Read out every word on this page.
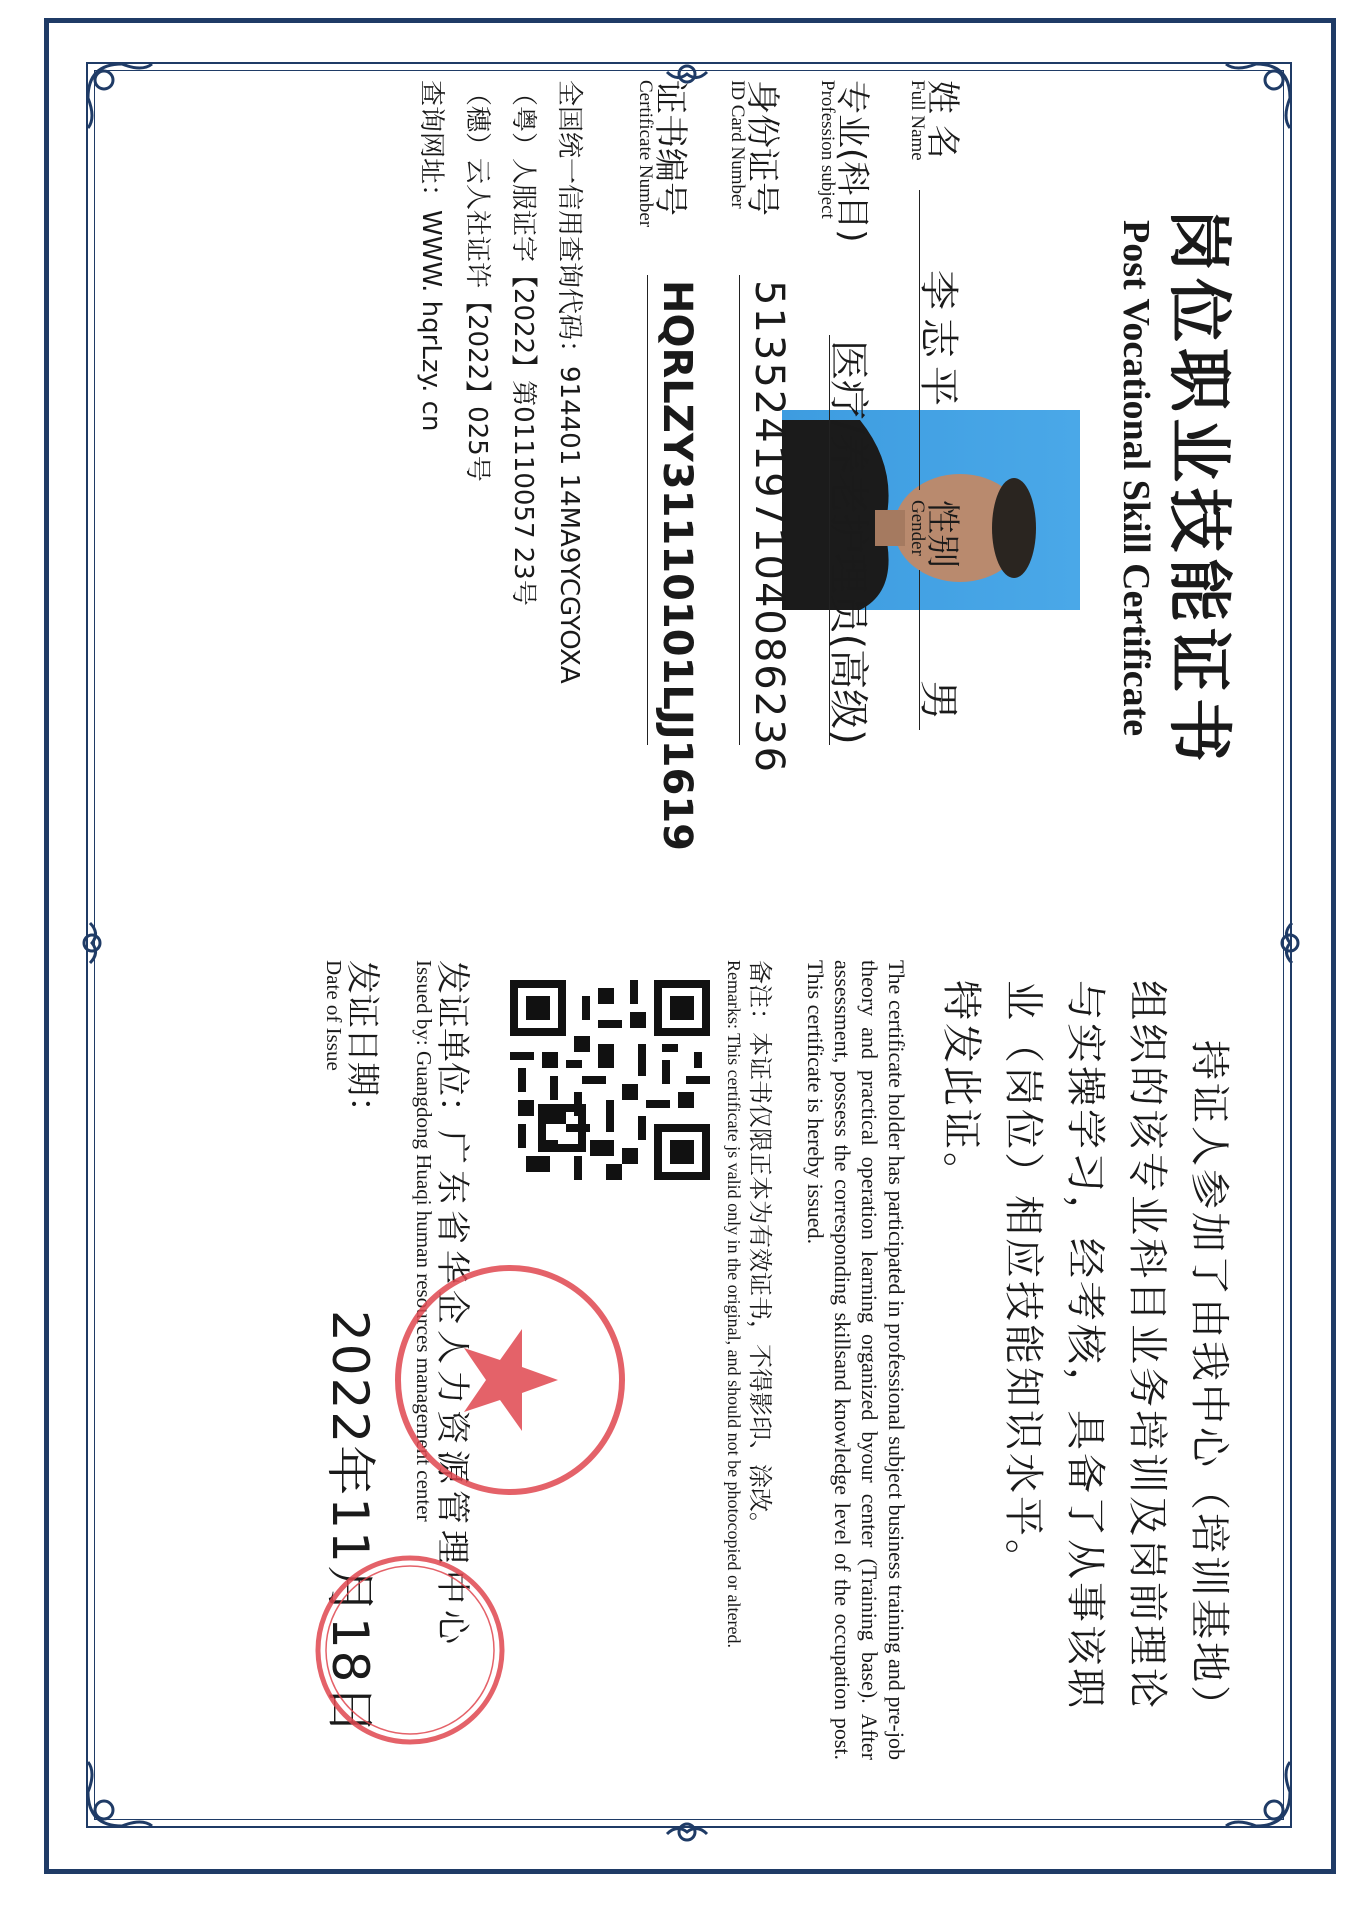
岗位职业技能证书
Post Vocational Skill Certificate
姓 名
Full Name
李志平
性别
Gender
男
专业(科目)
Profession subject
医疗/养老护理员(高级)
身份证号
ID Card Number
513524197104086236
证书编号
Certificate Number
HQRLZY31110101LJJ1619
全国统一信用查询代码：914401 14MA9YCGYOXA
（粤）人服证字【2022】第01110057 23号
（穗）云人社证许【2022】025号
查询网址：WWW. hqrLzy. cn
持证人参加了由我中心（培训基地）
组织的该专业科目业务培训及岗前理论
与实操学习，经考核，具备了从事该职
业（岗位）相应技能知识水平。
特发此证。
The certificate holder has participated in professional subject business training and pre-job theory and practical operation learning organized byour center (Training base). After assessment, possess the corresponding skillsand knowledge level of the occupation post. This certificate is hereby issued.
备注：本证书仅限正本为有效证书，不得影印、涂改。
Remarks: This certificate js valid only in the original, and should not be photocopied or altered.
发证单位：广东省华企人力资源管理中心
Issued by: Guangdong Huaqi human resources management center
发证日期：
Date of Issue
2022年11月18日
